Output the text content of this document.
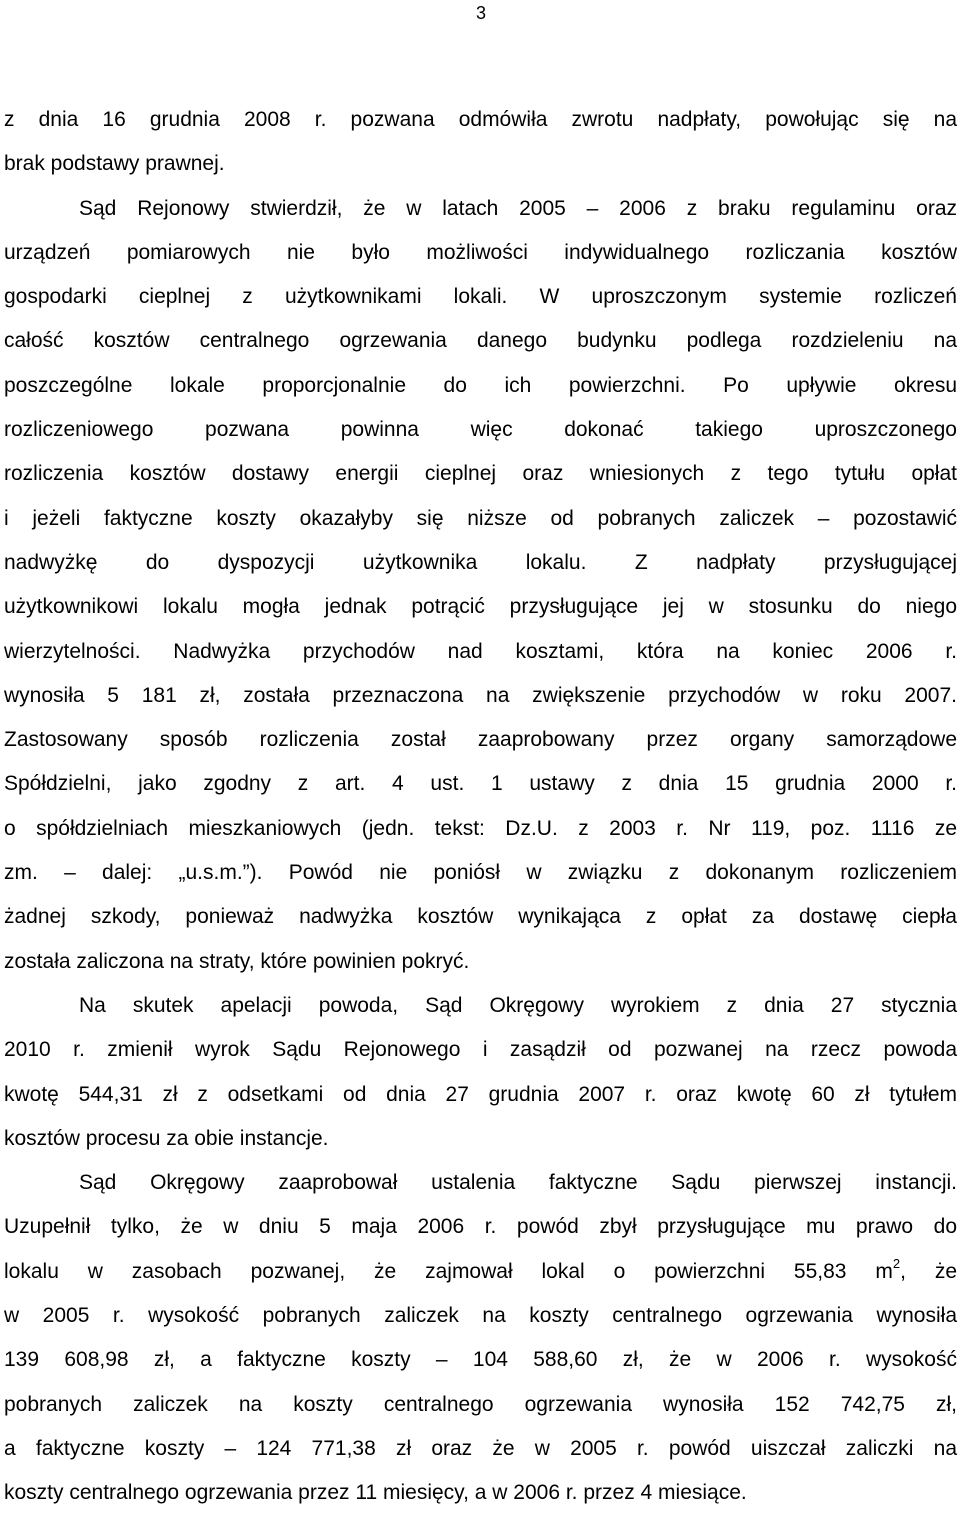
3
z dnia 16 grudnia 2008 r. pozwana odmówiła zwrotu nadpłaty, powołując się na
brak podstawy prawnej.
Sąd Rejonowy stwierdził, że w latach 2005 – 2006 z braku regulaminu oraz
urządzeń pomiarowych nie było możliwości indywidualnego rozliczania kosztów
gospodarki cieplnej z użytkownikami lokali. W uproszczonym systemie rozliczeń
całość kosztów centralnego ogrzewania danego budynku podlega rozdzieleniu na
poszczególne lokale proporcjonalnie do ich powierzchni. Po upływie okresu
rozliczeniowego pozwana powinna więc dokonać takiego uproszczonego
rozliczenia kosztów dostawy energii cieplnej oraz wniesionych z tego tytułu opłat
i jeżeli faktyczne koszty okazałyby się niższe od pobranych zaliczek – pozostawić
nadwyżkę do dyspozycji użytkownika lokalu. Z nadpłaty przysługującej
użytkownikowi lokalu mogła jednak potrącić przysługujące jej w stosunku do niego
wierzytelności. Nadwyżka przychodów nad kosztami, która na koniec 2006 r.
wynosiła 5 181 zł, została przeznaczona na zwiększenie przychodów w roku 2007.
Zastosowany sposób rozliczenia został zaaprobowany przez organy samorządowe
Spółdzielni, jako zgodny z art. 4 ust. 1 ustawy z dnia 15 grudnia 2000 r.
o spółdzielniach mieszkaniowych (jedn. tekst: Dz.U. z 2003 r. Nr 119, poz. 1116 ze
zm. – dalej: „u.s.m.”). Powód nie poniósł w związku z dokonanym rozliczeniem
żadnej szkody, ponieważ nadwyżka kosztów wynikająca z opłat za dostawę ciepła
została zaliczona na straty, które powinien pokryć.
Na skutek apelacji powoda, Sąd Okręgowy wyrokiem z dnia 27 stycznia
2010 r. zmienił wyrok Sądu Rejonowego i zasądził od pozwanej na rzecz powoda
kwotę 544,31 zł z odsetkami od dnia 27 grudnia 2007 r. oraz kwotę 60 zł tytułem
kosztów procesu za obie instancje.
Sąd Okręgowy zaaprobował ustalenia faktyczne Sądu pierwszej instancji.
Uzupełnił tylko, że w dniu 5 maja 2006 r. powód zbył przysługujące mu prawo do
lokalu w zasobach pozwanej, że zajmował lokal o powierzchni 55,83 $m^2$, że
w 2005 r. wysokość pobranych zaliczek na koszty centralnego ogrzewania wynosiła
139 608,98 zł, a faktyczne koszty – 104 588,60 zł, że w 2006 r. wysokość
pobranych zaliczek na koszty centralnego ogrzewania wynosiła 152 742,75 zł,
a faktyczne koszty – 124 771,38 zł oraz że w 2005 r. powód uiszczał zaliczki na
koszty centralnego ogrzewania przez 11 miesięcy, a w 2006 r. przez 4 miesiące.
